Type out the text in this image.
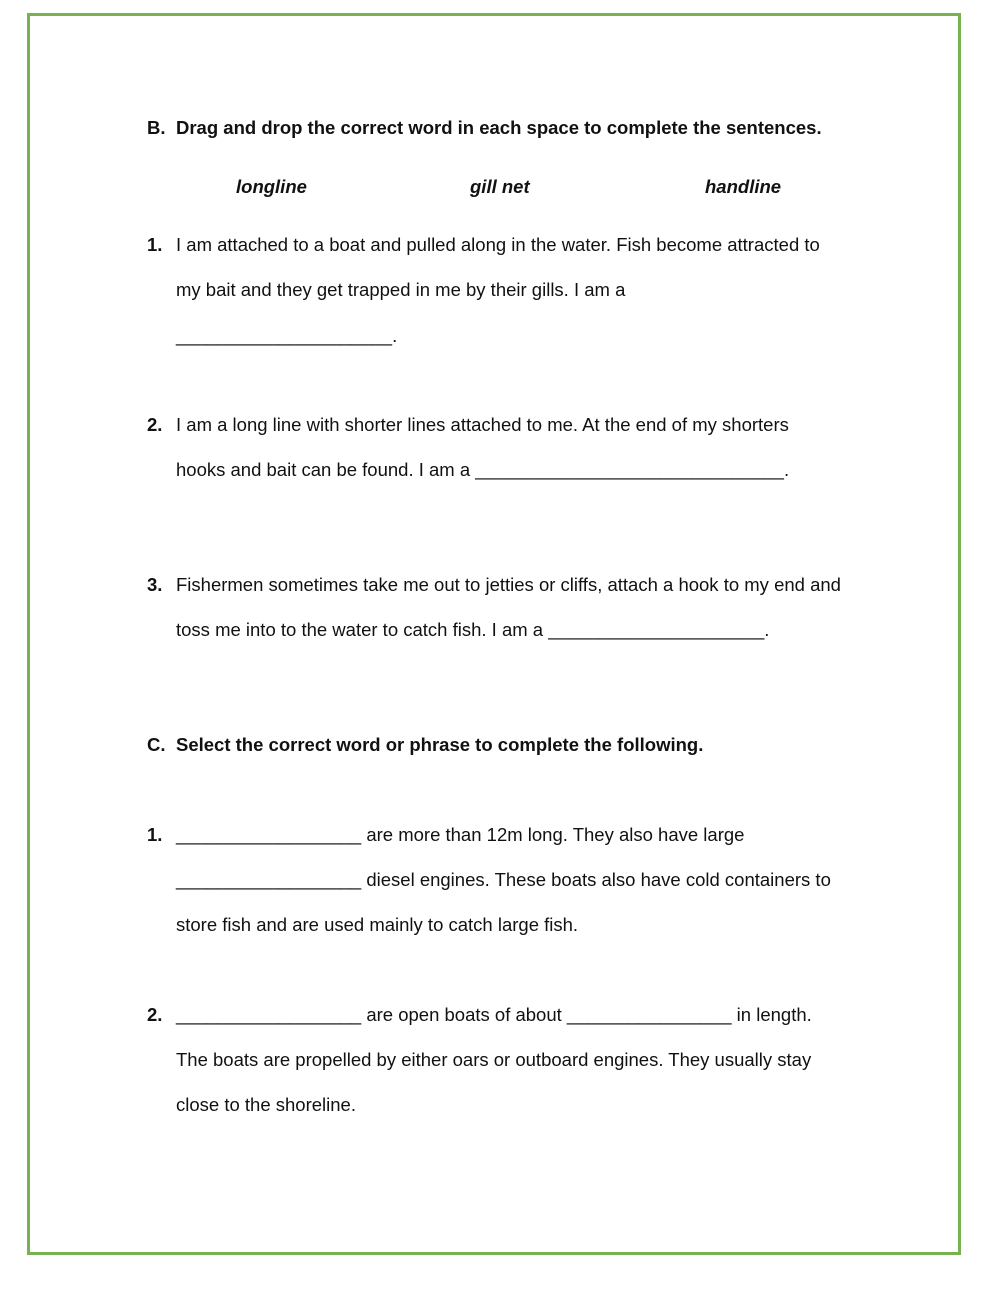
B. Drag and drop the correct word in each space to complete the sentences.
longline	gill net	handline
1. I am attached to a boat and pulled along in the water. Fish become attracted to
my bait and they get trapped in me by their gills. I am a
_____________________.
2. I am a long line with shorter lines attached to me. At the end of my shorters
hooks and bait can be found. I am a ______________________________.
3. Fishermen sometimes take me out to jetties or cliffs, attach a hook to my end and
toss me into to the water to catch fish. I am a _____________________.
C. Select the correct word or phrase to complete the following.
1. __________________ are more than 12m long. They also have large
__________________ diesel engines. These boats also have cold containers to
store fish and are used mainly to catch large fish.
2. __________________ are open boats of about ________________ in length.
The boats are propelled by either oars or outboard engines. They usually stay
close to the shoreline.
